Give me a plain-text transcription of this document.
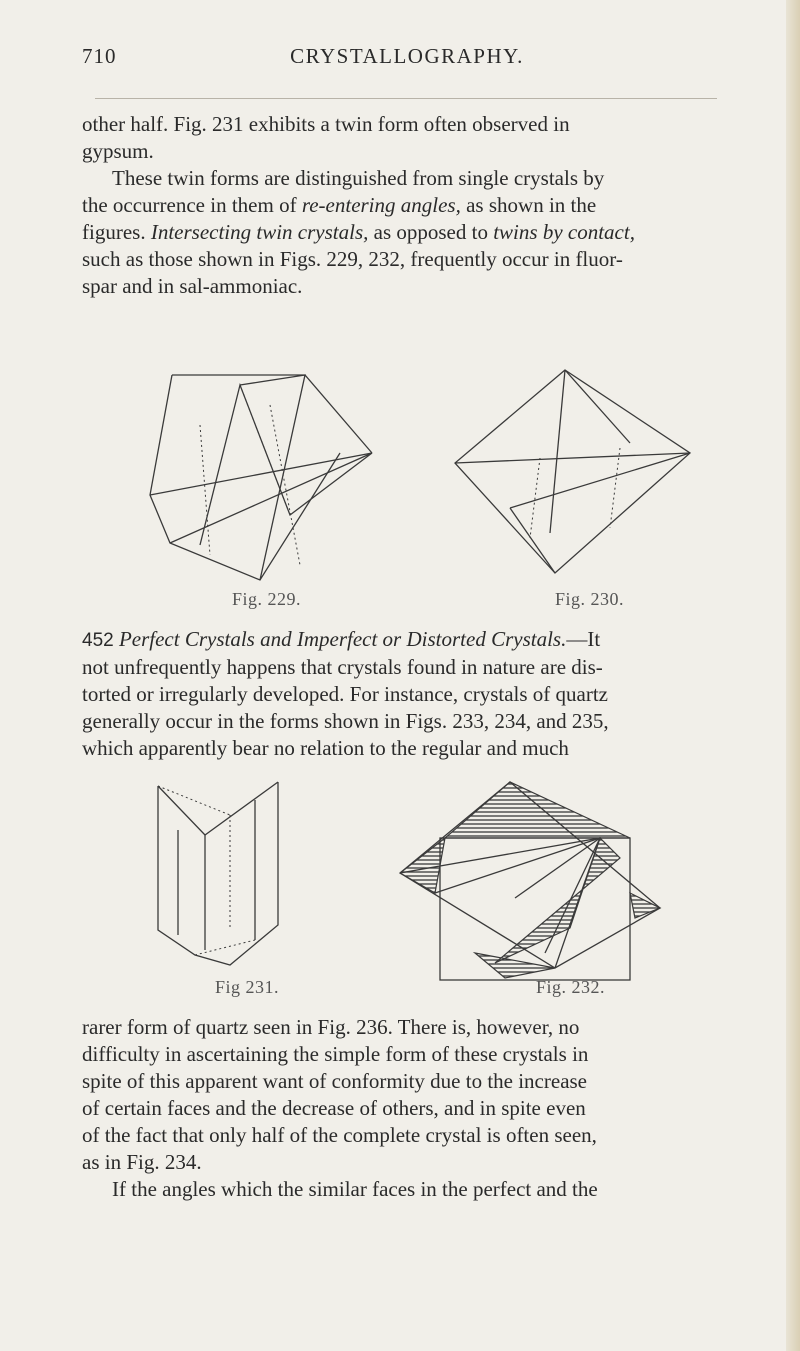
710	CRYSTALLOGRAPHY.

other half. Fig. 231 exhibits a twin form often observed in
gypsum.

These twin forms are distinguished from single crystals by
the occurrence in them of re-entering angles, as shown in the
figures. Intersecting twin crystals, as opposed to twins by contact,
such as those shown in Figs. 229, 232, frequently occur in fluor-
spar and in sal-ammoniac.

Fig. 229.	Fig. 230.

452 Perfect Crystals and Imperfect or Distorted Crystals.—It
not unfrequently happens that crystals found in nature are dis-
torted or irregularly developed. For instance, crystals of quartz
generally occur in the forms shown in Figs. 233, 234, and 235,
which apparently bear no relation to the regular and much

Fig 231.	Fig. 232.

rarer form of quartz seen in Fig. 236. There is, however, no
difficulty in ascertaining the simple form of these crystals in
spite of this apparent want of conformity due to the increase
of certain faces and the decrease of others, and in spite even
of the fact that only half of the complete crystal is often seen,
as in Fig. 234.

If the angles which the similar faces in the perfect and the
